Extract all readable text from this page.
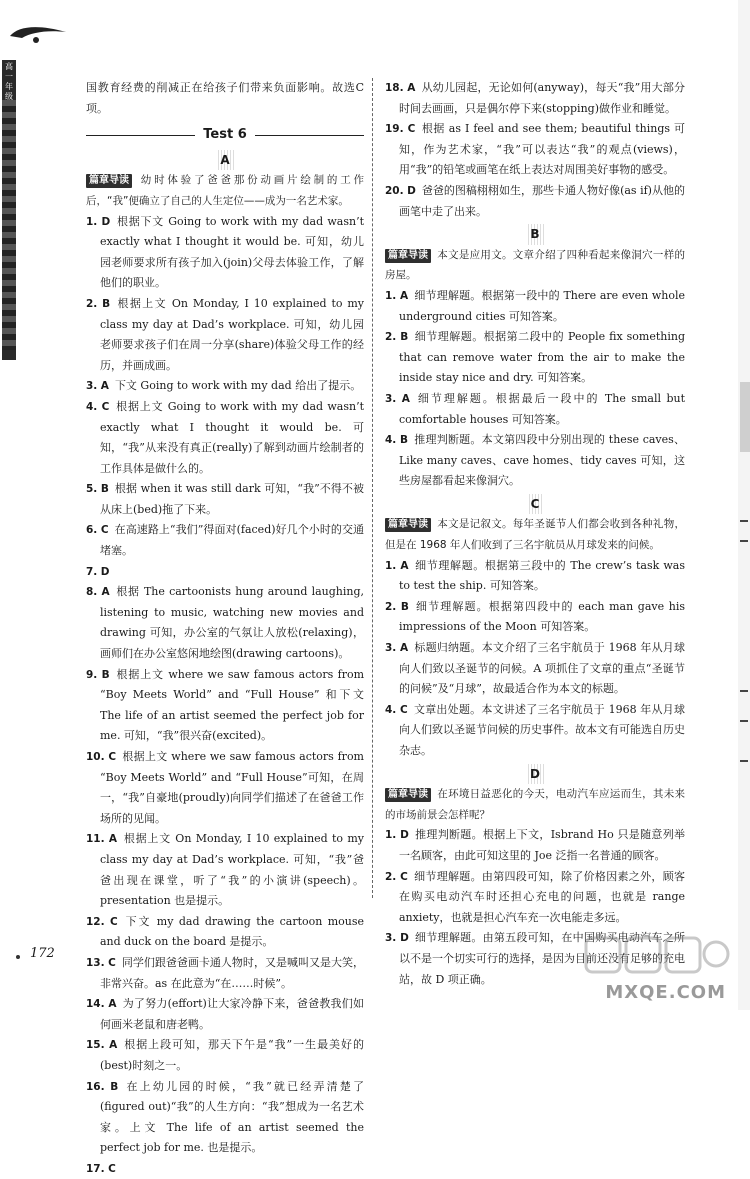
高一年级

国教育经费的削减正在给孩子们带来负面影响。故选C项。

Test 6
A

篇章导读 幼时体验了爸爸那份动画片绘制的工作后，“我”便确立了自己的人生定位——成为一名艺术家。

1. D 根据下文 Going to work with my dad wasn’t exactly what I thought it would be. 可知，幼儿园老师要求所有孩子加入(join)父母去体验工作，了解他们的职业。

2. B 根据上文 On Monday, I 10 explained to my class my day at Dad’s workplace. 可知，幼儿园老师要求孩子们在周一分享(share)体验父母工作的经历，并画成画。

3. A 下文 Going to work with my dad 给出了提示。

4. C 根据上文 Going to work with my dad wasn’t exactly what I thought it would be. 可知，“我”从来没有真正(really)了解到动画片绘制者的工作具体是做什么的。

5. B 根据 when it was still dark 可知，“我”不得不被从床上(bed)拖了下来。

6. C 在高速路上“我们”得面对(faced)好几个小时的交通堵塞。

7. D

8. A 根据 The cartoonists hung around laughing, listening to music, watching new movies and drawing 可知，办公室的气氛让人放松(relaxing)，画师们在办公室悠闲地绘图(drawing cartoons)。

9. B 根据上文 where we saw famous actors from “Boy Meets World” and “Full House” 和下文 The life of an artist seemed the perfect job for me. 可知，“我”很兴奋(excited)。

10. C 根据上文 where we saw famous actors from “Boy Meets World” and “Full House”可知，在周一，“我”自豪地(proudly)向同学们描述了在爸爸工作场所的见闻。

11. A 根据上文 On Monday, I 10 explained to my class my day at Dad’s workplace. 可知，“我”爸爸出现在课堂，听了“我”的小演讲(speech)。presentation 也是提示。

12. C 下文 my dad drawing the cartoon mouse and duck on the board 是提示。

13. C 同学们跟爸爸画卡通人物时，又是喊叫又是大笑，非常兴奋。as 在此意为“在……时候”。

14. A 为了努力(effort)让大家冷静下来，爸爸教我们如何画米老鼠和唐老鸭。

15. A 根据上段可知，那天下午是“我”一生最美好的(best)时刻之一。

16. B 在上幼儿园的时候，“我”就已经弄清楚了(figured out)“我”的人生方向：“我”想成为一名艺术家。上文 The life of an artist seemed the perfect job for me. 也是提示。

17. C

18. A 从幼儿园起，无论如何(anyway)，每天“我”用大部分时间去画画，只是偶尔停下来(stopping)做作业和睡觉。

19. C 根据 as I feel and see them; beautiful things 可知，作为艺术家，“我”可以表达“我”的观点(views)，用“我”的铅笔或画笔在纸上表达对周围美好事物的感受。

20. D 爸爸的图稿栩栩如生，那些卡通人物好像(as if)从他的画笔中走了出来。

B

篇章导读 本文是应用文。文章介绍了四种看起来像洞穴一样的房屋。

1. A 细节理解题。根据第一段中的 There are even whole underground cities 可知答案。

2. B 细节理解题。根据第二段中的 People fix something that can remove water from the air to make the inside stay nice and dry. 可知答案。

3. A 细节理解题。根据最后一段中的 The small but comfortable houses 可知答案。

4. B 推理判断题。本文第四段中分别出现的 these caves、Like many caves、cave homes、tidy caves 可知，这些房屋都看起来像洞穴。

C

篇章导读 本文是记叙文。每年圣诞节人们都会收到各种礼物，但是在 1968 年人们收到了三名宇航员从月球发来的问候。

1. A 细节理解题。根据第三段中的 The crew’s task was to test the ship. 可知答案。

2. B 细节理解题。根据第四段中的 each man gave his impressions of the Moon 可知答案。

3. A 标题归纳题。本文介绍了三名宇航员于 1968 年从月球向人们致以圣诞节的问候。A 项抓住了文章的重点“圣诞节的问候”及“月球”，故最适合作为本文的标题。

4. C 文章出处题。本文讲述了三名宇航员于 1968 年从月球向人们致以圣诞节问候的历史事件。故本文有可能选自历史杂志。

D

篇章导读 在环境日益恶化的今天，电动汽车应运而生，其未来的市场前景会怎样呢？

1. D 推理判断题。根据上下文，Isbrand Ho 只是随意列举一名顾客，由此可知这里的 Joe 泛指一名普通的顾客。

2. C 细节理解题。由第四段可知，除了价格因素之外，顾客在购买电动汽车时还担心充电的问题，也就是 range anxiety，也就是担心汽车充一次电能走多远。

3. D 细节理解题。由第五段可知，在中国购买电动汽车之所以不是一个切实可行的选择，是因为目前还没有足够的充电站，故 D 项正确。

172
MXQE.COM
